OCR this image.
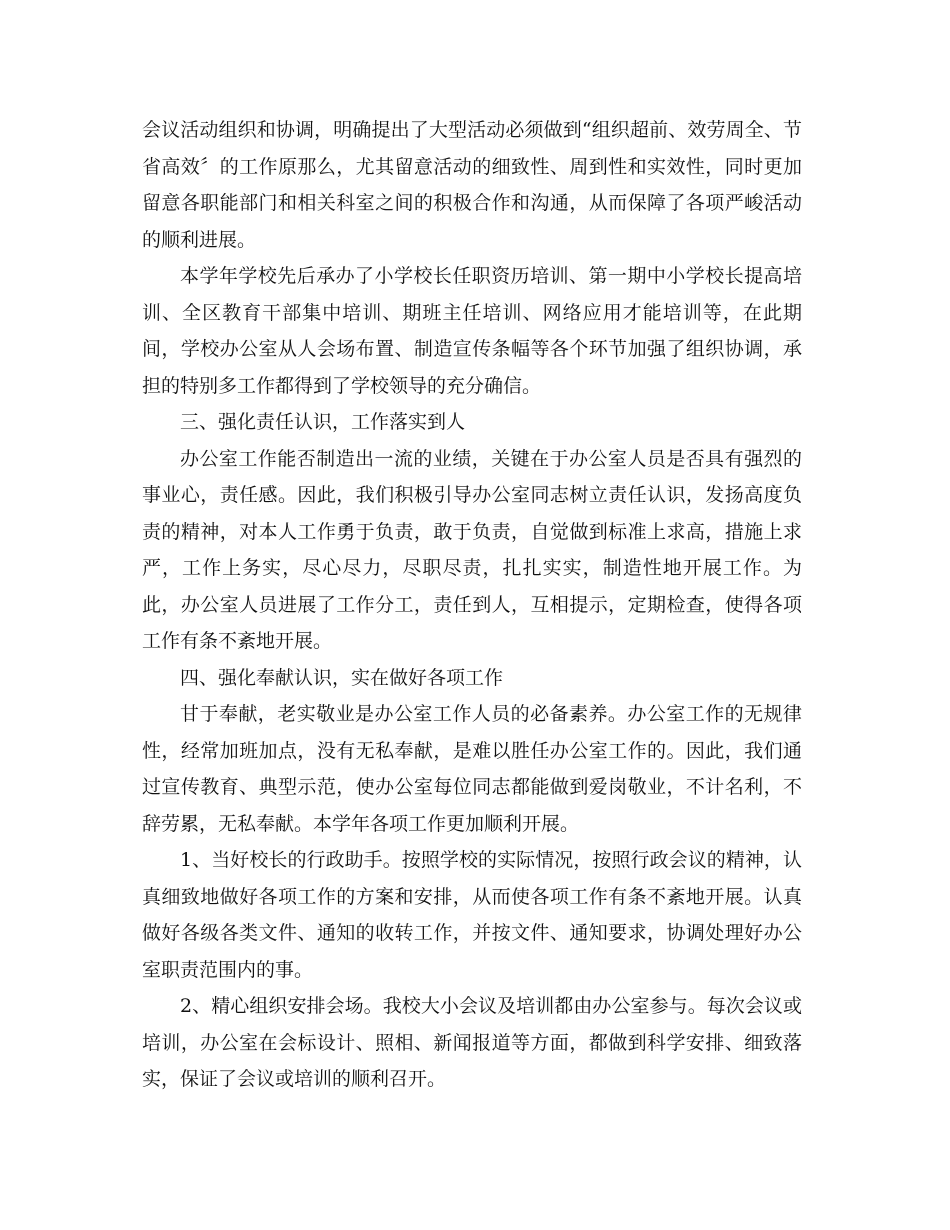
会议活动组织和协调，明确提出了大型活动必须做到“组织超前、效劳周全、节省高效〞的工作原那么，尤其留意活动的细致性、周到性和实效性，同时更加留意各职能部门和相关科室之间的积极合作和沟通，从而保障了各项严峻活动的顺利进展。

本学年学校先后承办了小学校长任职资历培训、第一期中小学校长提高培训、全区教育干部集中培训、期班主任培训、网络应用才能培训等，在此期间，学校办公室从人会场布置、制造宣传条幅等各个环节加强了组织协调，承担的特别多工作都得到了学校领导的充分确信。

三、强化责任认识，工作落实到人

办公室工作能否制造出一流的业绩，关键在于办公室人员是否具有强烈的事业心，责任感。因此，我们积极引导办公室同志树立责任认识，发扬高度负责的精神，对本人工作勇于负责，敢于负责，自觉做到标准上求高，措施上求严，工作上务实，尽心尽力，尽职尽责，扎扎实实，制造性地开展工作。为此，办公室人员进展了工作分工，责任到人，互相提示，定期检查，使得各项工作有条不紊地开展。

四、强化奉献认识，实在做好各项工作

甘于奉献，老实敬业是办公室工作人员的必备素养。办公室工作的无规律性，经常加班加点，没有无私奉献，是难以胜任办公室工作的。因此，我们通过宣传教育、典型示范，使办公室每位同志都能做到爱岗敬业，不计名利，不辞劳累，无私奉献。本学年各项工作更加顺利开展。

1、当好校长的行政助手。按照学校的实际情况，按照行政会议的精神，认真细致地做好各项工作的方案和安排，从而使各项工作有条不紊地开展。认真做好各级各类文件、通知的收转工作，并按文件、通知要求，协调处理好办公室职责范围内的事。

2、精心组织安排会场。我校大小会议及培训都由办公室参与。每次会议或培训，办公室在会标设计、照相、新闻报道等方面，都做到科学安排、细致落实，保证了会议或培训的顺利召开。
